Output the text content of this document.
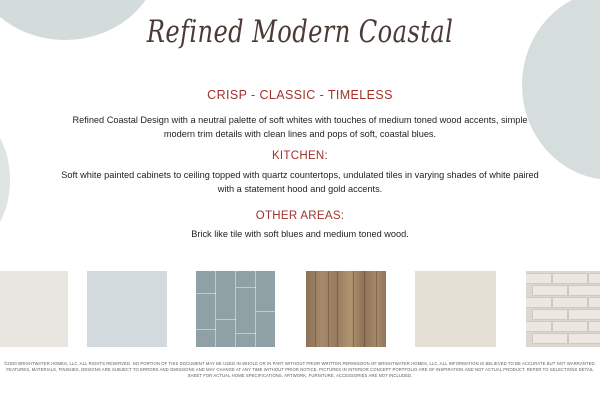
Refined Modern Coastal
CRISP - CLASSIC - TIMELESS
Refined Coastal Design with a neutral palette of soft whites with touches of medium toned wood accents, simple modern trim details with clean lines and pops of soft, coastal blues.
KITCHEN:
Soft white painted cabinets to ceiling topped with quartz countertops, undulated tiles in varying shades of white paired with a statement hood and gold accents.
OTHER AREAS:
Brick like tile with soft blues and medium toned wood.
©2020 BRIGHTWATER HOMES, LLC. ALL RIGHTS RESERVED. NO PORTION OF THIS DOCUMENT MAY BE USED IN WHOLE OR IN PART WITHOUT PRIOR WRITTEN PERMISSION OF BRIGHTWATER HOMES, LLC. ALL INFORMATION IS BELIEVED TO BE ACCURATE BUT NOT WARRANTED. FEATURES, MATERIALS, FINISHES, DESIGNS ARE SUBJECT TO ERRORS AND OMISSIONS AND MAY CHANGE AT ANY TIME WITHOUT PRIOR NOTICE. PICTURES IN INTERIOR CONCEPT PORTFOLIO ARE OF INSPIRATION AND NOT ACTUAL PRODUCT. REFER TO SELECTIONS DETAIL SHEET FOR ACTUAL HOME SPECIFICATIONS. ARTWORK, FURNITURE, ACCESSORIES ARE NOT INCLUDED.
